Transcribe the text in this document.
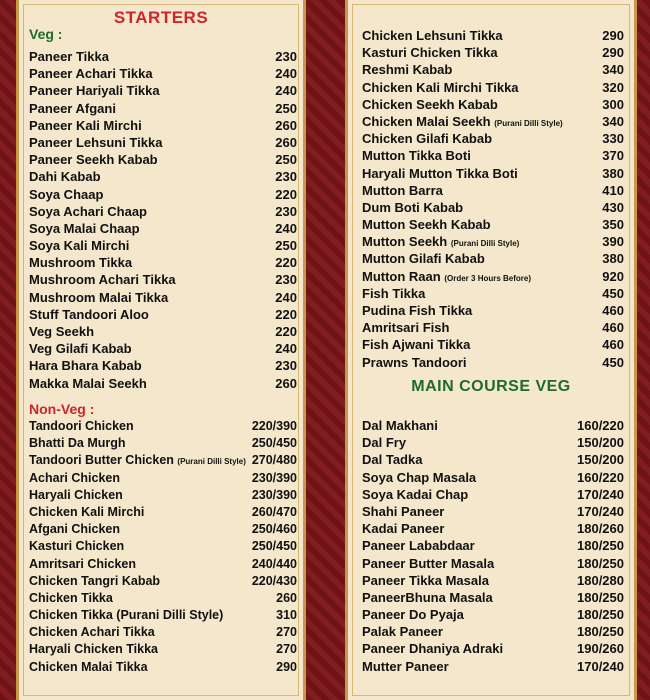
STARTERS
Veg :
Paneer Tikka	230
Paneer Achari Tikka	240
Paneer Hariyali Tikka	240
Paneer Afgani	250
Paneer Kali Mirchi	260
Paneer Lehsuni Tikka	260
Paneer Seekh Kabab	250
Dahi Kabab	230
Soya Chaap	220
Soya Achari Chaap	230
Soya Malai Chaap	240
Soya Kali Mirchi	250
Mushroom Tikka	220
Mushroom Achari Tikka	230
Mushroom Malai Tikka	240
Stuff Tandoori Aloo	220
Veg Seekh	220
Veg Gilafi Kabab	240
Hara Bhara Kabab	230
Makka Malai Seekh	260
Non-Veg :
Tandoori Chicken	220/390
Bhatti Da Murgh	250/450
Tandoori Butter Chicken (Purani Dilli Style) 270/480
Achari Chicken	230/390
Haryali Chicken	230/390
Chicken Kali Mirchi	260/470
Afgani Chicken	250/460
Kasturi Chicken	250/450
Amritsari Chicken	240/440
Chicken Tangri Kabab	220/430
Chicken Tikka	260
Chicken Tikka (Purani Dilli Style)	310
Chicken Achari Tikka	270
Haryali Chicken Tikka	270
Chicken Malai Tikka	290
Chicken Lehsuni Tikka	290
Kasturi Chicken Tikka	290
Reshmi Kabab	340
Chicken Kali Mirchi Tikka	320
Chicken Seekh Kabab	300
Chicken Malai Seekh (Purani Dilli Style)	340
Chicken Gilafi Kabab	330
Mutton Tikka Boti	370
Haryali Mutton Tikka Boti	380
Mutton Barra	410
Dum Boti Kabab	430
Mutton Seekh Kabab	350
Mutton Seekh (Purani Dilli Style)	390
Mutton Gilafi Kabab	380
Mutton Raan (Order 3 Hours Before)	920
Fish Tikka	450
Pudina Fish Tikka	460
Amritsari Fish	460
Fish Ajwani Tikka	460
Prawns Tandoori	450
MAIN COURSE VEG
Dal Makhani	160/220
Dal Fry	150/200
Dal Tadka	150/200
Soya Chap Masala	160/220
Soya Kadai Chap	170/240
Shahi Paneer	170/240
Kadai Paneer	180/260
Paneer Lababdaar	180/250
Paneer Butter Masala	180/250
Paneer Tikka Masala	180/280
PaneerBhuna Masala	180/250
Paneer Do Pyaja	180/250
Palak Paneer	180/250
Paneer Dhaniya Adraki	190/260
Mutter Paneer	170/240
